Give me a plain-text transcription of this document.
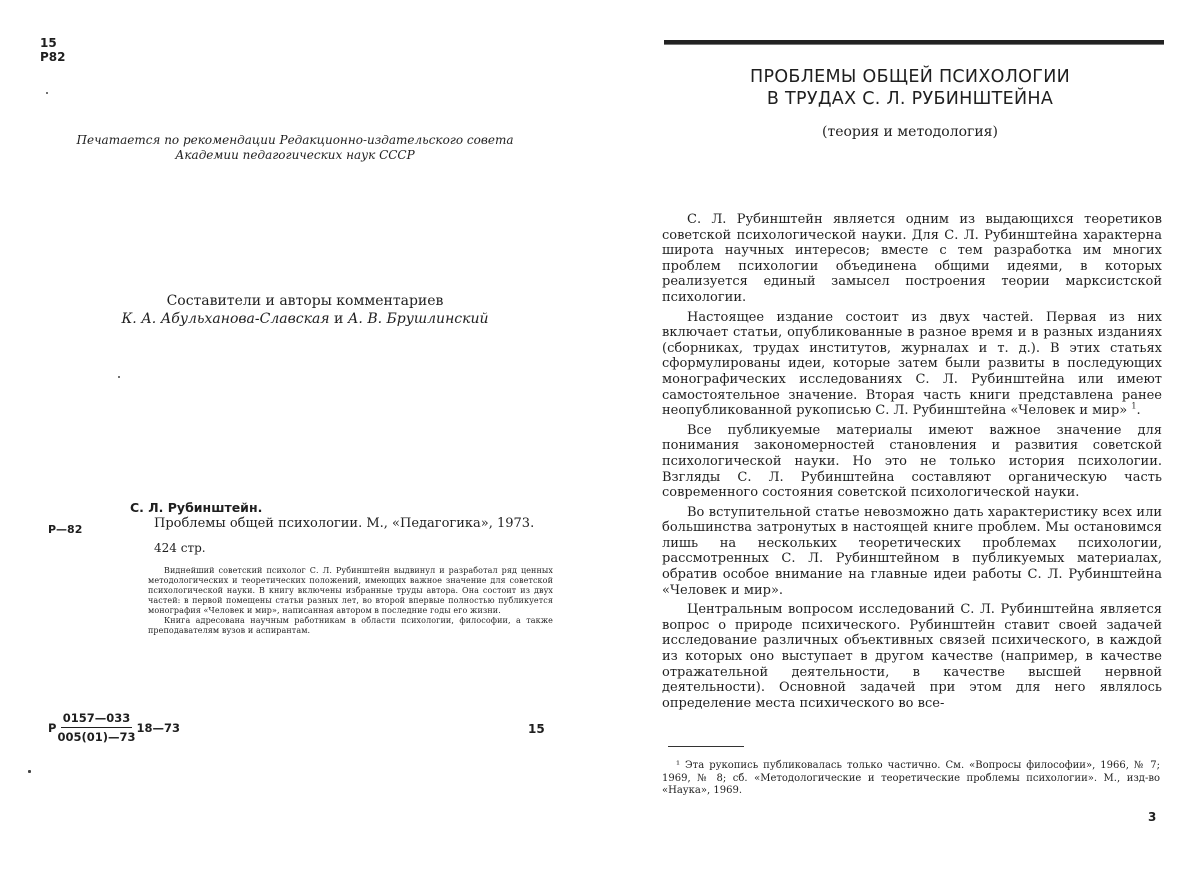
15
Р82
Печатается по рекомендации Редакционно-издательского совета
Академии педагогических наук СССР
Составители и авторы комментариев
К. А. Абульханова-Славская и А. В. Брушлинский
Р—82
С. Л. Рубинштейн.

Проблемы общей психологии. М., «Педагогика», 1973.

424 стр.

Виднейший советский психолог С. Л. Рубинштейн выдвинул и разработал ряд ценных методологических и теоретических положений, имеющих важное значение для советской психологической науки. В книгу включены избранные труды автора. Она состоит из двух частей: в первой помещены статьи разных лет, во второй впервые полностью публикуется монография «Человек и мир», написанная автором в последние годы его жизни.

Книга адресована научным работникам в области психологии, философии, а также преподавателям вузов и аспирантам.

Р $\frac{0157—033}{005(01)—73}$ 18—73	15
ПРОБЛЕМЫ ОБЩЕЙ ПСИХОЛОГИИ
В ТРУДАХ С. Л. РУБИНШТЕЙНА
(теория и методология)

С. Л. Рубинштейн является одним из выдающихся теоретиков советской психологической науки. Для С. Л. Рубинштейна характерна широта научных интересов; вместе с тем разработка им многих проблем психологии объединена общими идеями, в которых реализуется единый замысел построения теории марксистской психологии.

Настоящее издание состоит из двух частей. Первая из них включает статьи, опубликованные в разное время и в разных изданиях (сборниках, трудах институтов, журналах и т. д.). В этих статьях сформулированы идеи, которые затем были развиты в последующих монографических исследованиях С. Л. Рубинштейна или имеют самостоятельное значение. Вторая часть книги представлена ранее неопубликованной рукописью С. Л. Рубинштейна «Человек и мир» $^1$.

Все публикуемые материалы имеют важное значение для понимания закономерностей становления и развития советской психологической науки. Но это не только история психологии. Взгляды С. Л. Рубинштейна составляют органическую часть современного состояния советской психологической науки.

Во вступительной статье невозможно дать характеристику всех или большинства затронутых в настоящей книге проблем. Мы остановимся лишь на нескольких теоретических проблемах психологии, рассмотренных С. Л. Рубинштейном в публикуемых материалах, обратив особое внимание на главные идеи работы С. Л. Рубинштейна «Человек и мир».

Центральным вопросом исследований С. Л. Рубинштейна является вопрос о природе психического. Рубинштейн ставит своей задачей исследование различных объективных связей психического, в каждой из которых оно выступает в другом качестве (например, в качестве отражательной деятельности, в качестве высшей нервной деятельности). Основной задачей при этом для него являлось определение места психического во все-

¹ Эта рукопись публиковалась только частично. См. «Вопросы философии», 1966, № 7; 1969, № 8; сб. «Методологические и теоретические проблемы психологии». М., изд-во «Наука», 1969.

3
